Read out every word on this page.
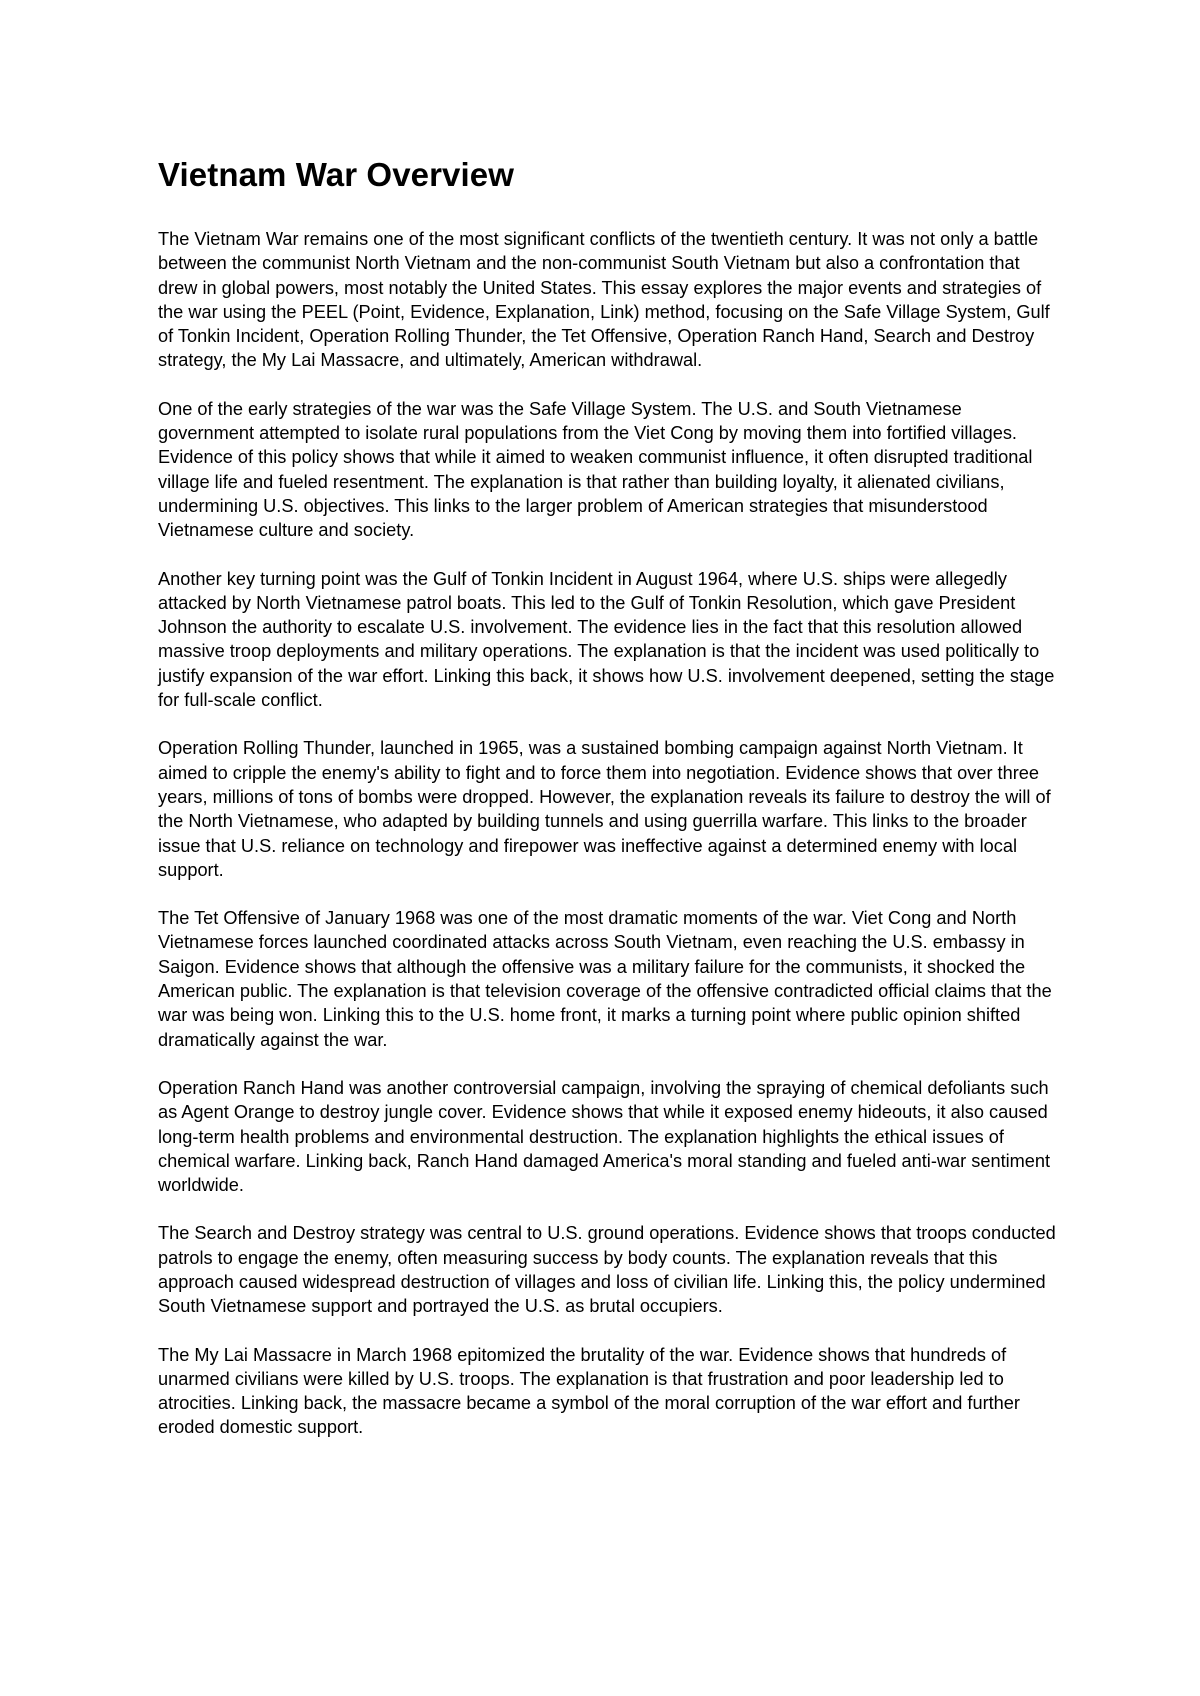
Vietnam War Overview

The Vietnam War remains one of the most significant conflicts of the twentieth century. It was not only a battle between the communist North Vietnam and the non-communist South Vietnam but also a confrontation that drew in global powers, most notably the United States. This essay explores the major events and strategies of the war using the PEEL (Point, Evidence, Explanation, Link) method, focusing on the Safe Village System, Gulf of Tonkin Incident, Operation Rolling Thunder, the Tet Offensive, Operation Ranch Hand, Search and Destroy strategy, the My Lai Massacre, and ultimately, American withdrawal.

One of the early strategies of the war was the Safe Village System. The U.S. and South Vietnamese government attempted to isolate rural populations from the Viet Cong by moving them into fortified villages. Evidence of this policy shows that while it aimed to weaken communist influence, it often disrupted traditional village life and fueled resentment. The explanation is that rather than building loyalty, it alienated civilians, undermining U.S. objectives. This links to the larger problem of American strategies that misunderstood Vietnamese culture and society.

Another key turning point was the Gulf of Tonkin Incident in August 1964, where U.S. ships were allegedly attacked by North Vietnamese patrol boats. This led to the Gulf of Tonkin Resolution, which gave President Johnson the authority to escalate U.S. involvement. The evidence lies in the fact that this resolution allowed massive troop deployments and military operations. The explanation is that the incident was used politically to justify expansion of the war effort. Linking this back, it shows how U.S. involvement deepened, setting the stage for full-scale conflict.

Operation Rolling Thunder, launched in 1965, was a sustained bombing campaign against North Vietnam. It aimed to cripple the enemy's ability to fight and to force them into negotiation. Evidence shows that over three years, millions of tons of bombs were dropped. However, the explanation reveals its failure to destroy the will of the North Vietnamese, who adapted by building tunnels and using guerrilla warfare. This links to the broader issue that U.S. reliance on technology and firepower was ineffective against a determined enemy with local support.

The Tet Offensive of January 1968 was one of the most dramatic moments of the war. Viet Cong and North Vietnamese forces launched coordinated attacks across South Vietnam, even reaching the U.S. embassy in Saigon. Evidence shows that although the offensive was a military failure for the communists, it shocked the American public. The explanation is that television coverage of the offensive contradicted official claims that the war was being won. Linking this to the U.S. home front, it marks a turning point where public opinion shifted dramatically against the war.

Operation Ranch Hand was another controversial campaign, involving the spraying of chemical defoliants such as Agent Orange to destroy jungle cover. Evidence shows that while it exposed enemy hideouts, it also caused long-term health problems and environmental destruction. The explanation highlights the ethical issues of chemical warfare. Linking back, Ranch Hand damaged America's moral standing and fueled anti-war sentiment worldwide.

The Search and Destroy strategy was central to U.S. ground operations. Evidence shows that troops conducted patrols to engage the enemy, often measuring success by body counts. The explanation reveals that this approach caused widespread destruction of villages and loss of civilian life. Linking this, the policy undermined South Vietnamese support and portrayed the U.S. as brutal occupiers.

The My Lai Massacre in March 1968 epitomized the brutality of the war. Evidence shows that hundreds of unarmed civilians were killed by U.S. troops. The explanation is that frustration and poor leadership led to atrocities. Linking back, the massacre became a symbol of the moral corruption of the war effort and further eroded domestic support.
